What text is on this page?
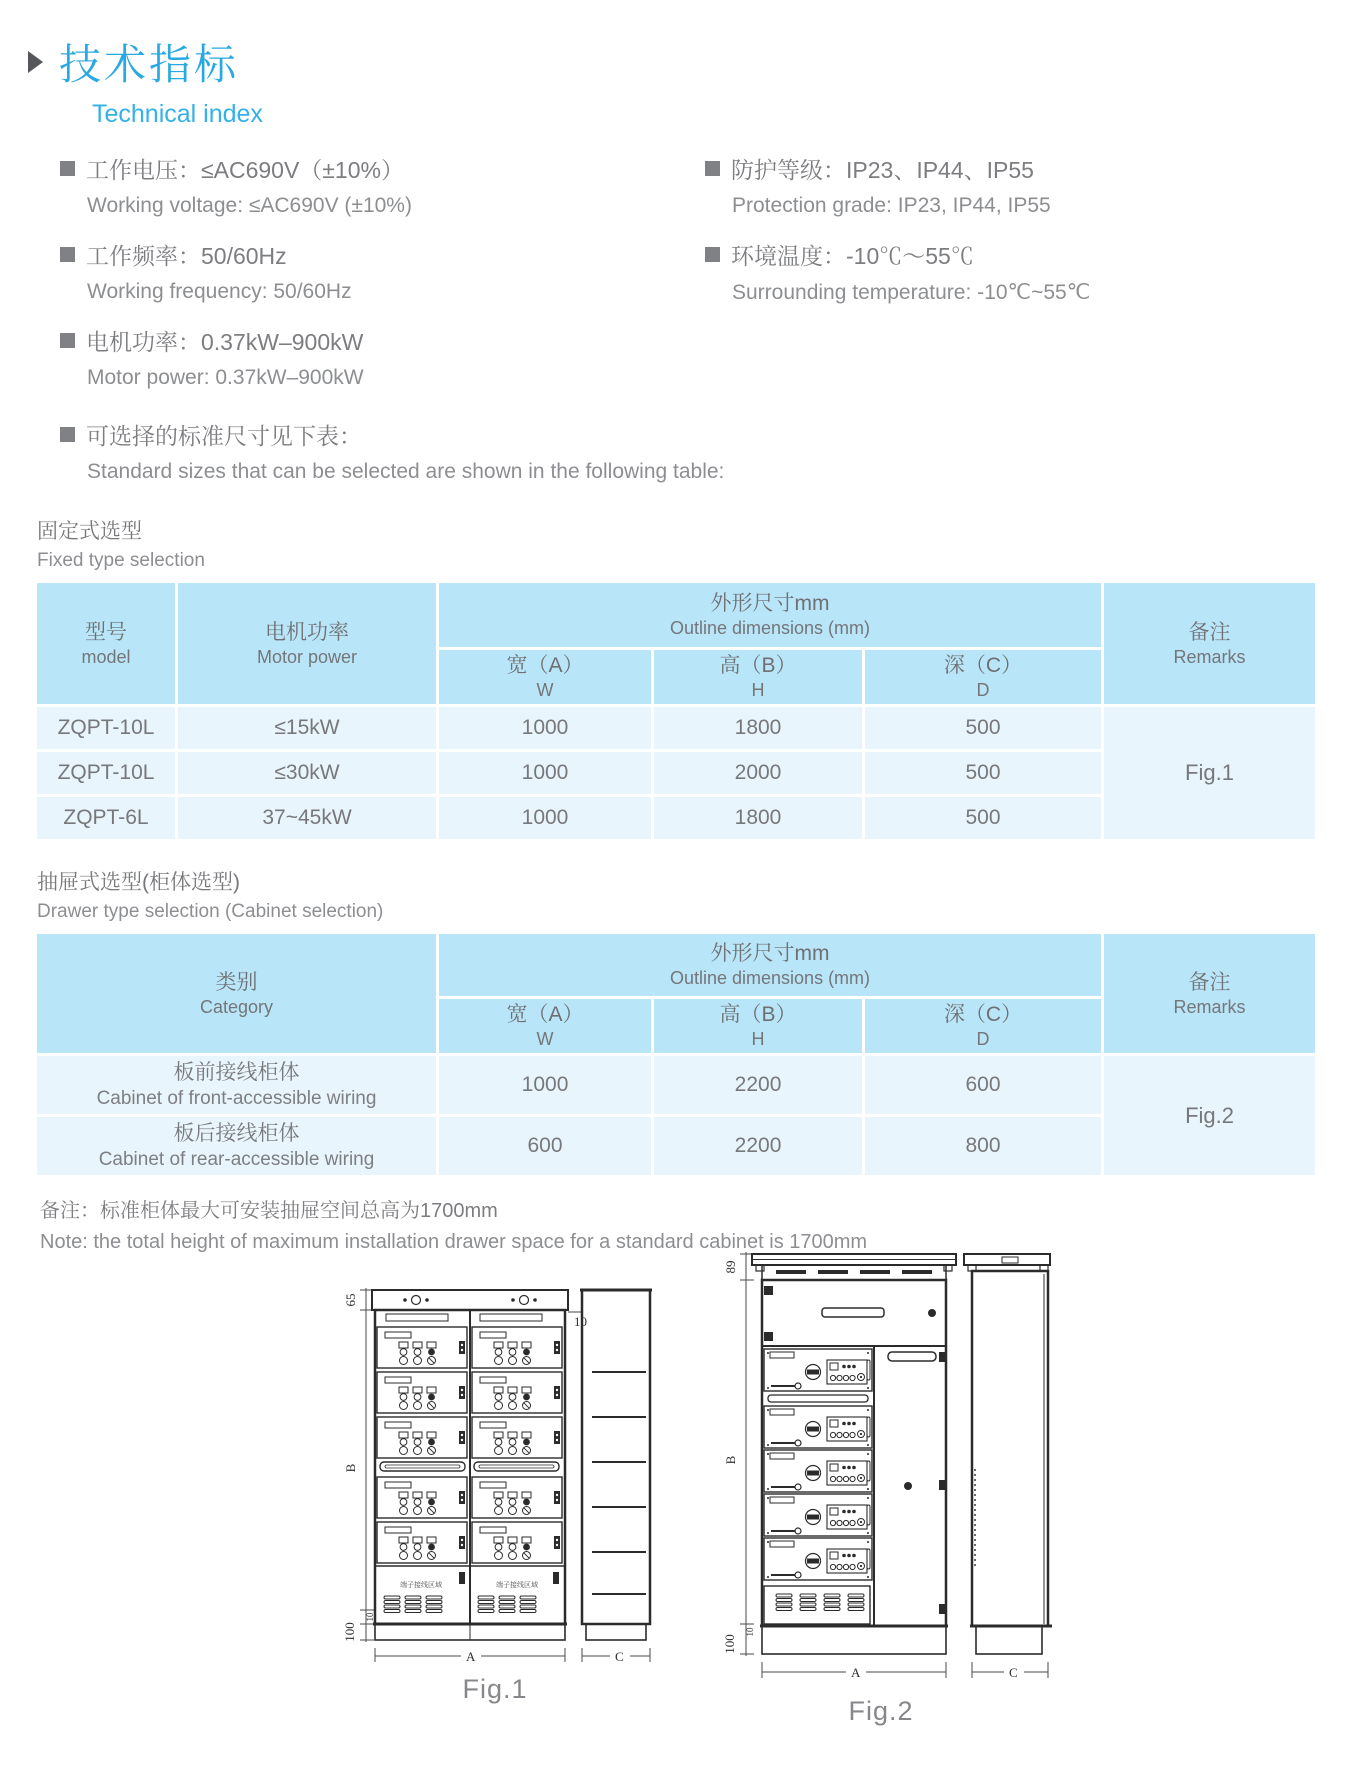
技术指标
Technical index
工作电压：≤AC690V（±10%）
Working voltage: ≤AC690V (±10%)
工作频率：50/60Hz
Working frequency: 50/60Hz
电机功率：0.37kW–900kW
Motor power: 0.37kW–900kW
防护等级：IP23、IP44、IP55
Protection grade: IP23, IP44, IP55
环境温度：-10℃～55℃
Surrounding temperature: -10℃~55℃
可选择的标准尺寸见下表：
Standard sizes that can be selected are shown in the following table:
固定式选型
Fixed type selection
型号
model

电机功率
Motor power

外形尺寸mm
Outline dimensions (mm)	备注
Remarks

宽（A）
W

高（B）
H

深（C）
D

ZQPT-10L	≤15kW	1000	1800	500	Fig.1
ZQPT-10L	≤30kW	1000	2000	500	
ZQPT-6L	37~45kW	1000	1800	500	
抽屉式选型(柜体选型)
Drawer type selection (Cabinet selection)
类别
Category

外形尺寸mm
Outline dimensions (mm)	备注
Remarks

宽（A）
W

高（B）
H

深（C）
D

板前接线柜体
Cabinet of front-accessible wiring	1000	2200	600	Fig.2

板后接线柜体
Cabinet of rear-accessible wiring	600	2200	800	
备注：标准柜体最大可安装抽屉空间总高为1700mm
Note: the total height of maximum installation drawer space for a standard cabinet is 1700mm
65
B
10
100
10
端子接线区域	端子接线区域
A	C
Fig.1
89
B
10
100
A	C
Fig.2
